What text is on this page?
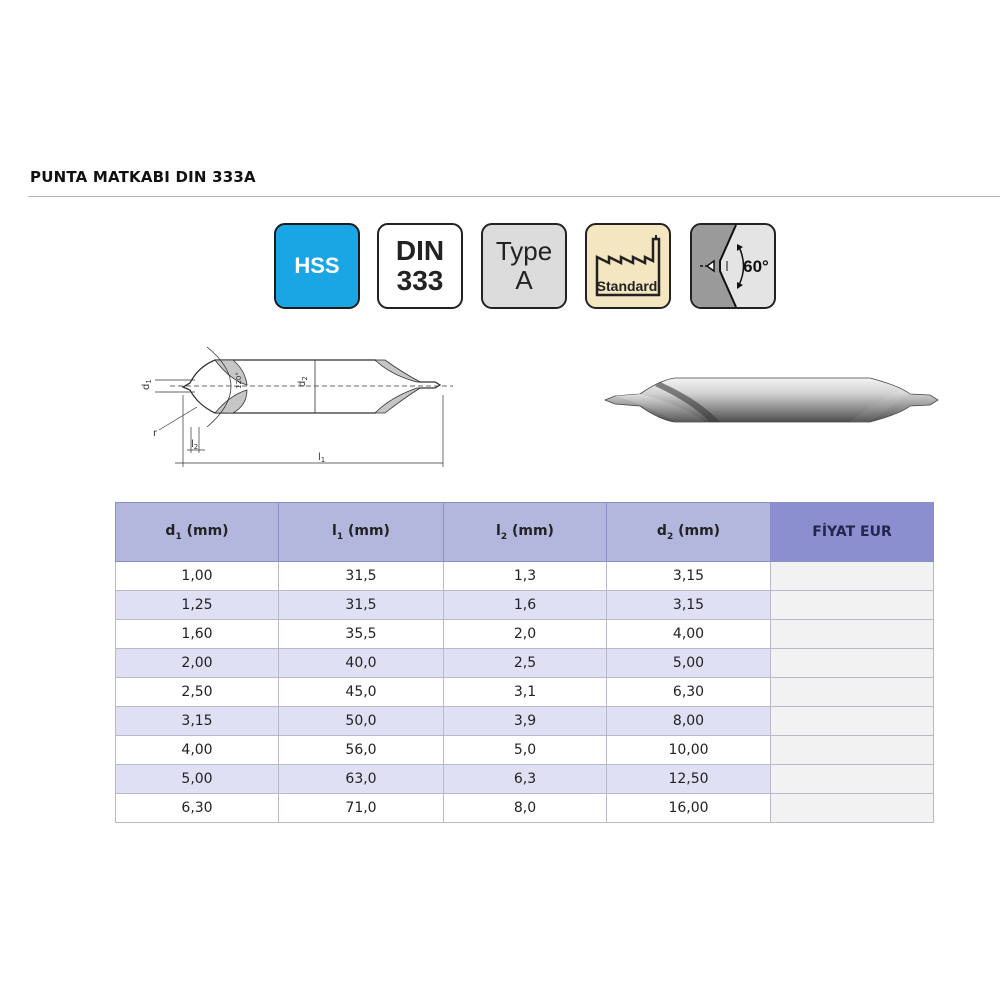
PUNTA MATKABI DIN 333A
HSS DIN
333
Type
A	Standard
60°
$d_1$	$d_2$
$l_1$
$l_2$
r
120°
$d_1$ (mm)	$l_1$ (mm)	$l_2$ (mm)	$d_2$ (mm)	FİYAT EUR
1,00	31,5	1,3	3,15	
1,25	31,5	1,6	3,15	
1,60	35,5	2,0	4,00	
2,00	40,0	2,5	5,00	
2,50	45,0	3,1	6,30	
3,15	50,0	3,9	8,00	
4,00	56,0	5,0	10,00	
5,00	63,0	6,3	12,50	
6,30	71,0	8,0	16,00	
